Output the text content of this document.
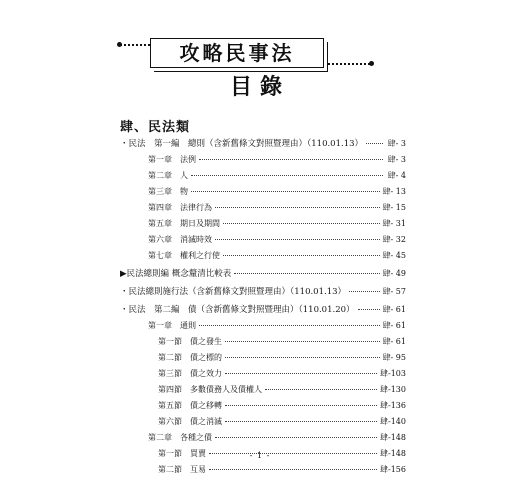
攻略民事法
目錄
肆、民法類
・民法　第一編　總則（含新舊條文對照暨理由）（110.01.13）	肆- 3
第一章　法例	肆- 3
第二章　人	肆- 4
第三章　物	肆- 13
第四章　法律行為	肆- 15
第五章　期日及期間	肆- 31
第六章　消滅時效	肆- 32
第七章　權利之行使	肆- 45
▶民法總則編 概念釐清比較表	肆- 49
・民法總則施行法（含新舊條文對照暨理由）（110.01.13）	肆- 57
・民法　第二編　債（含新舊條文對照暨理由）（110.01.20）	肆- 61
第一章　通則	肆- 61
第一節　債之發生	肆- 61
第二節　債之標的	肆- 95
第三節　債之效力	肆-103
第四節　多數債務人及債權人	肆-130
第五節　債之移轉	肆-136
第六節　債之消滅	肆-140
第二章　各種之債	肆-148
第一節　買賣	肆-148
第二節　互易	肆-156
- 1 -
